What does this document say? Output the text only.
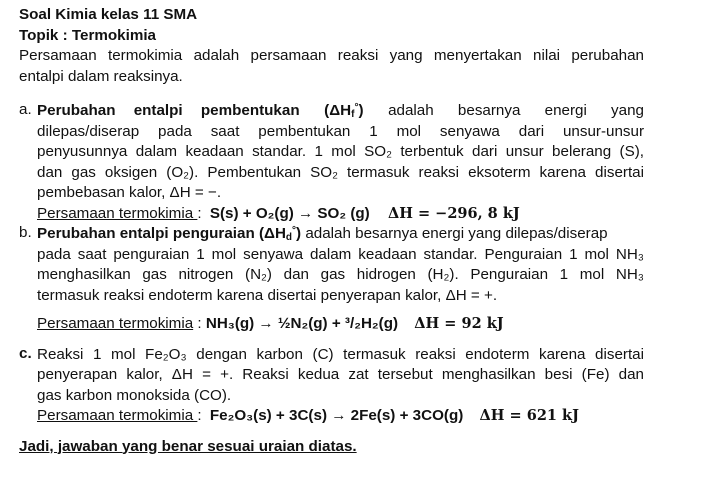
Soal Kimia kelas 11 SMA
Topik : Termokimia
Persamaan termokimia adalah persamaan reaksi yang menyertakan nilai perubahan
entalpi dalam reaksinya.
a. Perubahan entalpi pembentukan $(\Delta H_f^\circ)$ adalah besarnya energi yang
dilepas/diserap pada saat pembentukan 1 mol senyawa dari unsur-unsur
penyusunnya dalam keadaan standar. 1 mol SO₂ terbentuk dari unsur belerang (S),
dan gas oksigen (O₂). Pembentukan SO₂ termasuk reaksi eksoterm karena disertai
pembebasan kalor, ΔH = −.
Persamaan termokimia : S(s) + O₂(g) → SO₂ (g) ΔH = −296, 8 kJ
b. Perubahan entalpi penguraian $(\Delta H_d^\circ)$ adalah besarnya energi yang dilepas/diserap
pada saat penguraian 1 mol senyawa dalam keadaan standar. Penguraian 1 mol NH₃
menghasilkan gas nitrogen (N₂) dan gas hidrogen (H₂). Penguraian 1 mol NH₃
termasuk reaksi endoterm karena disertai penyerapan kalor, ΔH = +.
Persamaan termokimia : NH₃(g) → ½N₂(g) + ³/₂H₂(g) ΔH = 92 kJ
c. Reaksi 1 mol Fe₂O₃ dengan karbon (C) termasuk reaksi endoterm karena disertai
penyerapan kalor, ΔH = +. Reaksi kedua zat tersebut menghasilkan besi (Fe) dan
gas karbon monoksida (CO).
Persamaan termokimia : Fe₂O₃(s) + 3C(s) → 2Fe(s) + 3CO(g) ΔH = 621 kJ
Jadi, jawaban yang benar sesuai uraian diatas.
